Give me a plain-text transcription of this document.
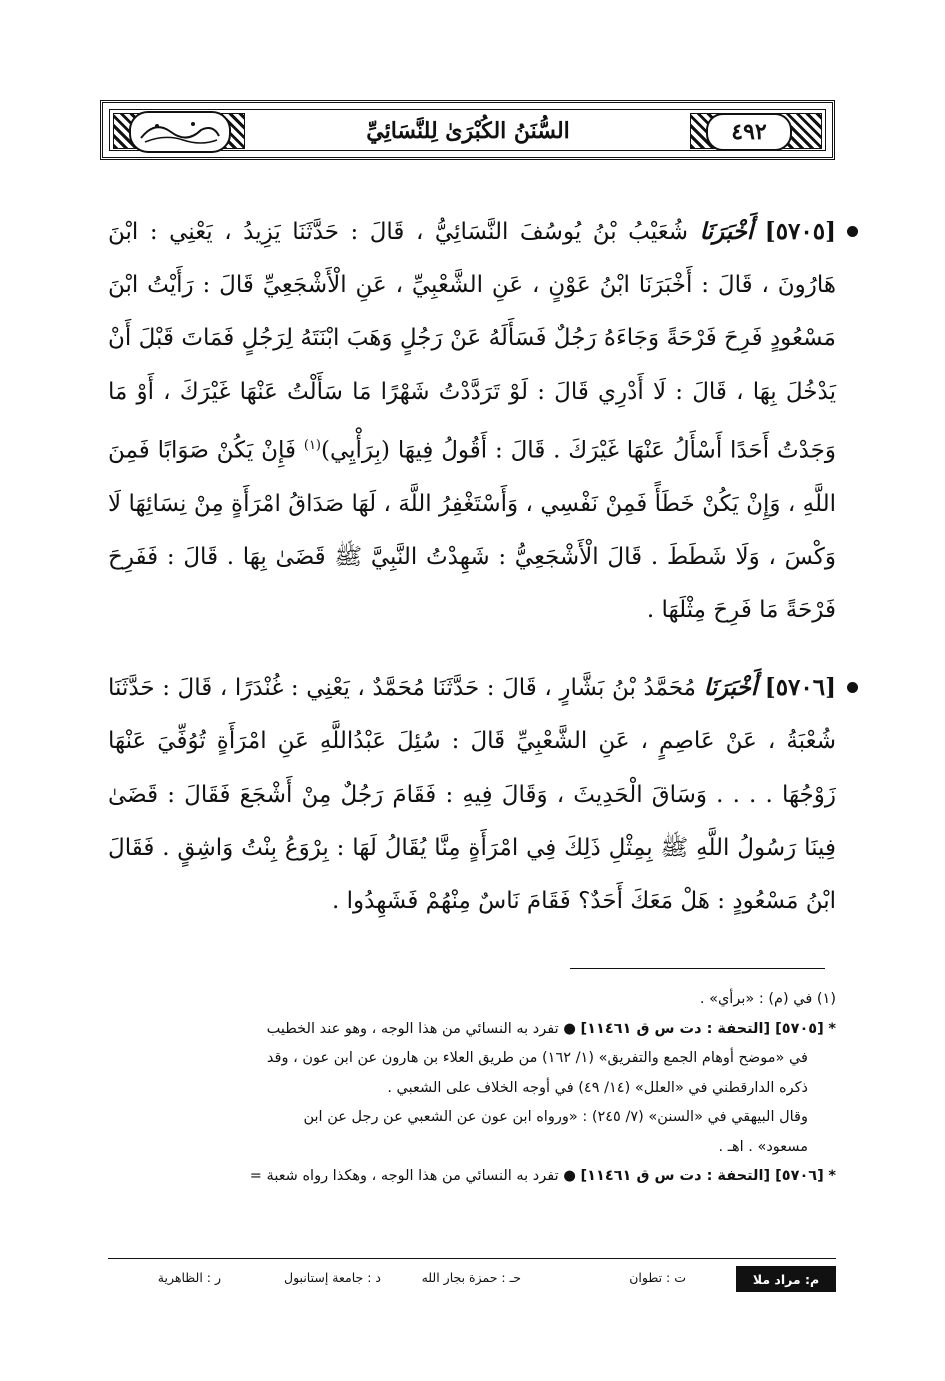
٤٩٢
السُّنَنُ الكُبْرَىٰ لِلنَّسَائِيِّ

[٥٧٠٥] أَخْبَرَنَا شُعَيْبُ بْنُ يُوسُفَ النَّسَائِيُّ ، قَالَ : حَدَّثَنَا يَزِيدُ ، يَعْنِي : ابْنَ هَارُونَ ، قَالَ : أَخْبَرَنَا ابْنُ عَوْنٍ ، عَنِ الشَّعْبِيِّ ، عَنِ الْأَشْجَعِيِّ قَالَ : رَأَيْتُ ابْنَ مَسْعُودٍ فَرِحَ فَرْحَةً وَجَاءَهُ رَجُلٌ فَسَأَلَهُ عَنْ رَجُلٍ وَهَبَ ابْنَتَهُ لِرَجُلٍ فَمَاتَ قَبْلَ أَنْ يَدْخُلَ بِهَا ، قَالَ : لَا أَدْرِي قَالَ : لَوْ تَرَدَّدْتُ شَهْرًا مَا سَأَلْتُ عَنْهَا غَيْرَكَ ، أَوْ مَا وَجَدْتُ أَحَدًا أَسْأَلُ عَنْهَا غَيْرَكَ . قَالَ : أَقُولُ فِيهَا (بِرَأْيِي)$^{(١)}$ فَإِنْ يَكُنْ صَوَابًا فَمِنَ اللَّهِ ، وَإِنْ يَكُنْ خَطَأً فَمِنْ نَفْسِي ، وَأَسْتَغْفِرُ اللَّهَ ، لَهَا صَدَاقُ امْرَأَةٍ مِنْ نِسَائِهَا لَا وَكْسَ ، وَلَا شَطَطَ . قَالَ الْأَشْجَعِيُّ : شَهِدْتُ النَّبِيَّ ﷺ قَضَىٰ بِهَا . قَالَ : فَفَرِحَ فَرْحَةً مَا فَرِحَ مِثْلَهَا .

[٥٧٠٦] أَخْبَرَنَا مُحَمَّدُ بْنُ بَشَّارٍ ، قَالَ : حَدَّثَنَا مُحَمَّدٌ ، يَعْنِي : غُنْدَرًا ، قَالَ : حَدَّثَنَا شُعْبَةُ ، عَنْ عَاصِمٍ ، عَنِ الشَّعْبِيِّ قَالَ : سُئِلَ عَبْدُاللَّهِ عَنِ امْرَأَةٍ تُوُفِّيَ عَنْهَا زَوْجُهَا . . . . وَسَاقَ الْحَدِيثَ ، وَقَالَ فِيهِ : فَقَامَ رَجُلٌ مِنْ أَشْجَعَ فَقَالَ : قَضَىٰ فِينَا رَسُولُ اللَّهِ ﷺ بِمِثْلِ ذَلِكَ فِي امْرَأَةٍ مِنَّا يُقَالُ لَهَا : بِرْوَعُ بِنْتُ وَاشِقٍ . فَقَالَ ابْنُ مَسْعُودٍ : هَلْ مَعَكَ أَحَدٌ؟ فَقَامَ نَاسٌ مِنْهُمْ فَشَهِدُوا .

(١) في (م) : «برأي» .

* [٥٧٠٥] [التحفة : دت س ق ١١٤٦١] ● تفرد به النسائي من هذا الوجه ، وهو عند الخطيب

في «موضح أوهام الجمع والتفريق» (١/ ١٦٢) من طريق العلاء بن هارون عن ابن عون ، وقد

ذكره الدارقطني في «العلل» (١٤/ ٤٩) في أوجه الخلاف على الشعبي .

وقال البيهقي في «السنن» (٧/ ٢٤٥) : «ورواه ابن عون عن الشعبي عن رجل عن ابن

مسعود» . اهـ .

* [٥٧٠٦] [التحفة : دت س ق ١١٤٦١] ● تفرد به النسائي من هذا الوجه ، وهكذا رواه شعبة =

م: مراد ملا
ت : تطوان
حـ : حمزة بجار الله
د : جامعة إستانبول
ر : الظاهرية
